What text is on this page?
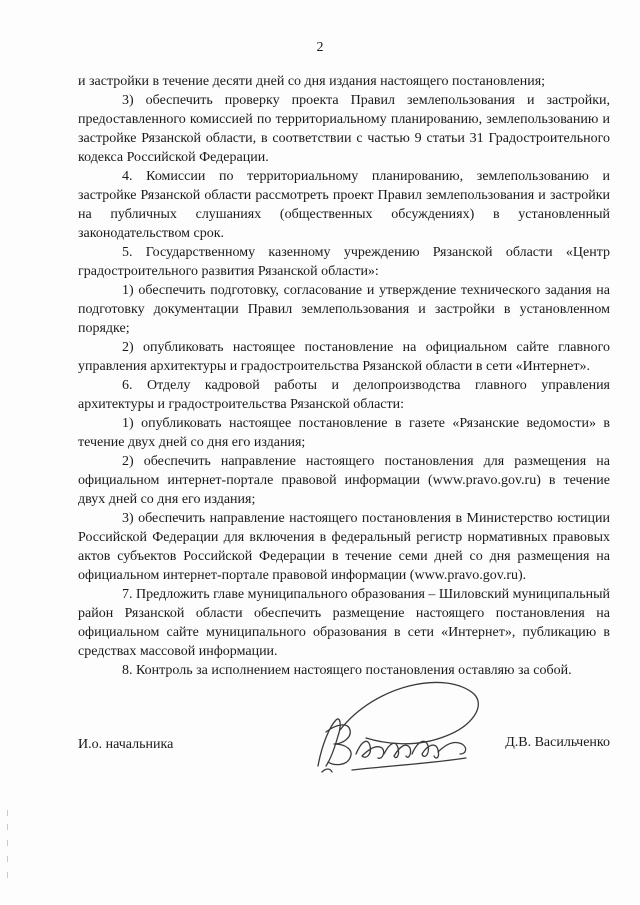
2

и застройки в течение десяти дней со дня издания настоящего постановления;

3) обеспечить проверку проекта Правил землепользования и застройки, предоставленного комиссией по территориальному планированию, землепользованию и застройке Рязанской области, в соответствии с частью 9 статьи 31 Градостроительного кодекса Российской Федерации.

4. Комиссии по территориальному планированию, землепользованию и застройке Рязанской области рассмотреть проект Правил землепользования и застройки на публичных слушаниях (общественных обсуждениях) в установленный законодательством срок.

5. Государственному казенному учреждению Рязанской области «Центр градостроительного развития Рязанской области»:

1) обеспечить подготовку, согласование и утверждение технического задания на подготовку документации Правил землепользования и застройки в установленном порядке;

2) опубликовать настоящее постановление на официальном сайте главного управления архитектуры и градостроительства Рязанской области в сети «Интернет».

6. Отделу кадровой работы и делопроизводства главного управления архитектуры и градостроительства Рязанской области:

1) опубликовать настоящее постановление в газете «Рязанские ведомости» в течение двух дней со дня его издания;

2) обеспечить направление настоящего постановления для размещения на официальном интернет-портале правовой информации (www.pravo.gov.ru) в течение двух дней со дня его издания;

3) обеспечить направление настоящего постановления в Министерство юстиции Российской Федерации для включения в федеральный регистр нормативных правовых актов субъектов Российской Федерации в течение семи дней со дня размещения на официальном интернет-портале правовой информации (www.pravo.gov.ru).

7. Предложить главе муниципального образования – Шиловский муниципальный район Рязанской области обеспечить размещение настоящего постановления на официальном сайте муниципального образования в сети «Интернет», публикацию в средствах массовой информации.

8. Контроль за исполнением настоящего постановления оставляю за собой.

И.о. начальника	Д.В. Васильченко
